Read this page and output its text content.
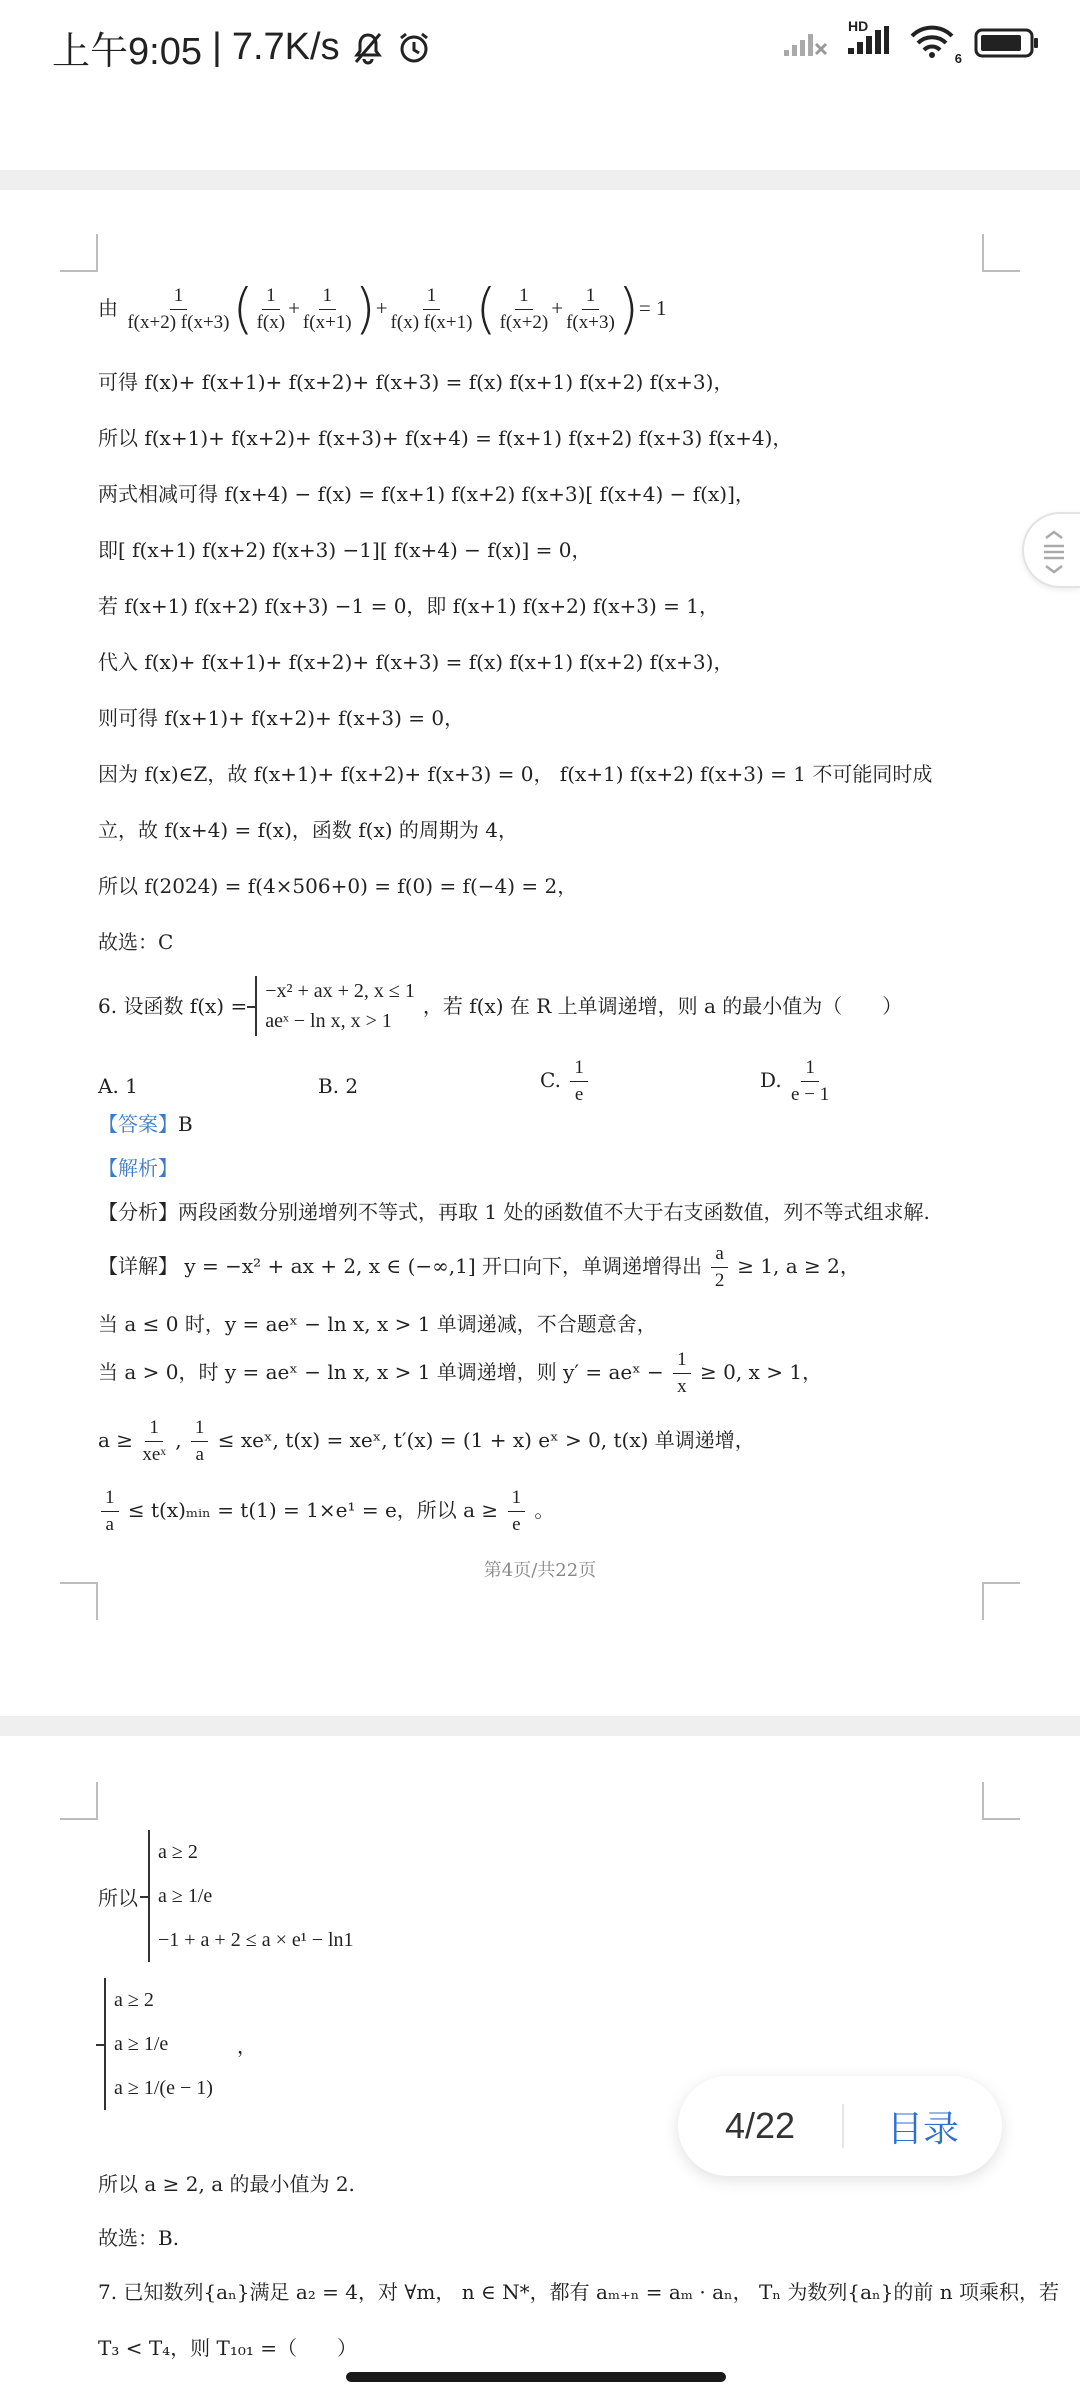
上午9:05 | 7.7K/s	HD
6
由 $\frac{1}{f(x+2) f(x+3)}$ ( $\frac{1}{f(x)} + \frac{1}{f(x+1)}$ )+ $\frac{1}{f(x) f(x+1)}$ ( $\frac{1}{f(x+2)} + \frac{1}{f(x+3)}$ )= 1
可得 f(x)+ f(x+1)+ f(x+2)+ f(x+3) = f(x) f(x+1) f(x+2) f(x+3)，
所以 f(x+1)+ f(x+2)+ f(x+3)+ f(x+4) = f(x+1) f(x+2) f(x+3) f(x+4)，
两式相减可得 f(x+4) − f(x) = f(x+1) f(x+2) f(x+3)[ f(x+4) − f(x)]，
即[ f(x+1) f(x+2) f(x+3) −1][ f(x+4) − f(x)] = 0，
若 f(x+1) f(x+2) f(x+3) −1 = 0，即 f(x+1) f(x+2) f(x+3) = 1，
代入 f(x)+ f(x+1)+ f(x+2)+ f(x+3) = f(x) f(x+1) f(x+2) f(x+3)，
则可得 f(x+1)+ f(x+2)+ f(x+3) = 0，
因为 f(x)∈Z，故 f(x+1)+ f(x+2)+ f(x+3) = 0， f(x+1) f(x+2) f(x+3) = 1 不可能同时成
立，故 f(x+4) = f(x)，函数 f(x) 的周期为 4，
所以 f(2024) = f(4×506+0) = f(0) = f(−4) = 2，
故选：C
6. 设函数 f(x) =
−x² + ax + 2, x ≤ 1
aeˣ − ln x, x > 1
，若 f(x) 在 R 上单调递增，则 a 的最小值为（　　）
A. 1	B. 2	C. $\frac{1}{e}$	D. $\frac{1}{e - 1}$
【答案】B
【解析】
【分析】两段函数分别递增列不等式，再取 1 处的函数值不大于右支函数值，列不等式组求解.
【详解】 y = −x² + ax + 2, x ∈ (−∞,1] 开口向下，单调递增得出 $\frac{a}{2} \ge 1$, a ≥ 2，
当 a ≤ 0 时，y = aeˣ − ln x, x > 1 单调递减，不合题意舍，
当 a > 0，时 y = aeˣ − ln x, x > 1 单调递增，则 y′ = aeˣ − $\frac{1}{x} \ge 0$, x > 1，
$a \ge \frac{1}{\text{xeˣ}}$ , $\frac{1}{a}$ ≤ xeˣ, t(x) = xeˣ, t′(x) = (1 + x) eˣ > 0, t(x) 单调递增，
$\frac{1}{a}$ ≤ t(x)ₘᵢₙ = t(1) = 1×e¹ = e，所以 $a \ge \frac{1}{e}$ 。
第4页/共22页
所以
a ≥ 2
a ≥ 1/e
−1 + a + 2 ≤ a × e¹ − ln1
a ≥ 2
a ≥ 1/e
a ≥ 1/(e − 1)
，
所以 a ≥ 2, a 的最小值为 2.
故选：B.
7. 已知数列{aₙ}满足 a₂ = 4，对 ∀m， n ∈ N*，都有 aₘ₊ₙ = aₘ · aₙ， Tₙ 为数列{aₙ}的前 n 项乘积，若
T₃ < T₄，则 T₁₀₁ =（　　）
4/22	目录
